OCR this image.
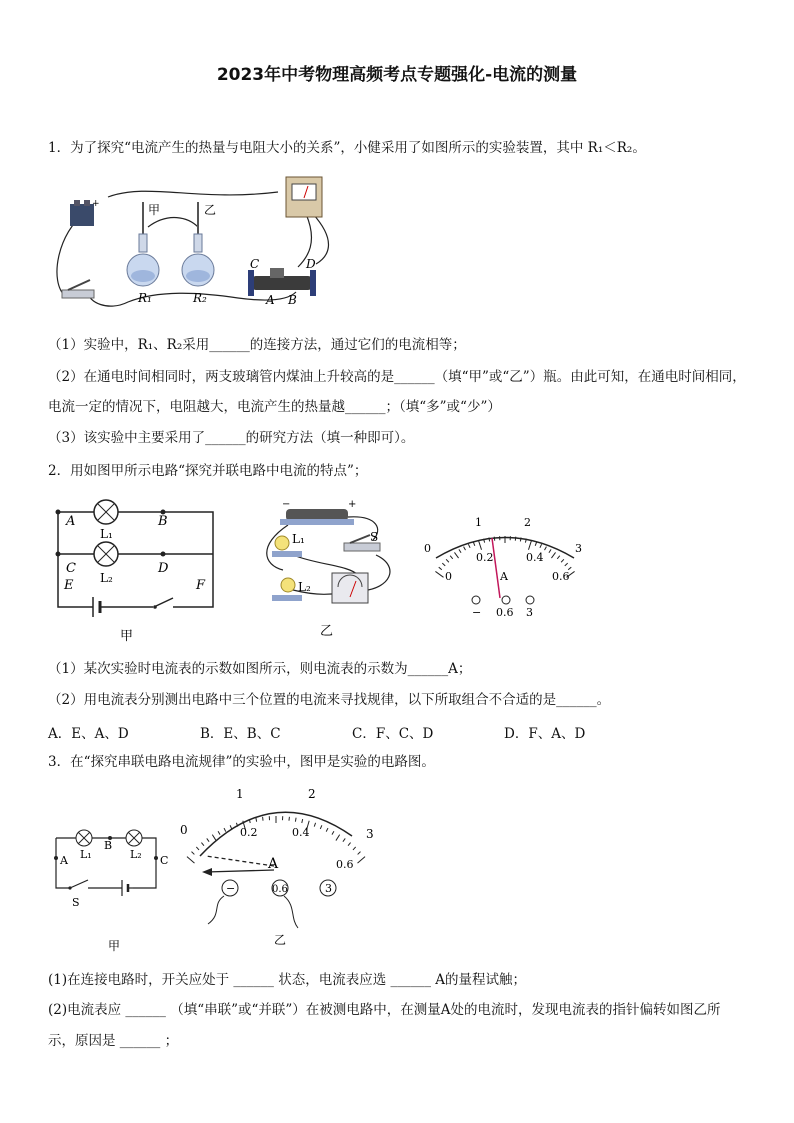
2023年中考物理高频考点专题强化-电流的测量
1．为了探究“电流产生的热量与电阻大小的关系”，小健采用了如图所示的实验装置，其中 R₁＜R₂。
+	甲
R₁
乙
R₂
C	D
A B
（1）实验中，R₁、R₂采用______的连接方法，通过它们的电流相等；
（2）在通电时间相同时，两支玻璃管内煤油上升较高的是______（填“甲”或“乙”）瓶。由此可知，在通电时间相同，
电流一定的情况下，电阻越大，电流产生的热量越______；（填“多”或“少”）
（3）该实验中主要采用了______的研究方法（填一种即可）。
2．用如图甲所示电路“探究并联电路中电流的特点”；
A	B
L₁
C	D
L₂
E	F
甲
−	+
S
L₁
L₂
乙
0
1	2
3
0
0.2	0.4
0.6
A
− 0.6 3
（1）某次实验时电流表的示数如图所示，则电流表的示数为______A；
（2）用电流表分别测出电路中三个位置的电流来寻找规律，以下所取组合不合适的是______。
A．E、A、D	B．E、B、C	C．F、C、D	D．F、A、D
3．在“探究串联电路电流规律”的实验中，图甲是实验的电路图。
A
B
C
L₁	L₂
S
甲
0
1	2
3
0.2	0.4
0.6
A
−	0.6	3
乙
(1)在连接电路时，开关应处于 ______ 状态，电流表应选 ______ A的量程试触；
(2)电流表应 ______ （填“串联”或“并联”）在被测电路中，在测量A处的电流时，发现电流表的指针偏转如图乙所
示，原因是 ______ ；
